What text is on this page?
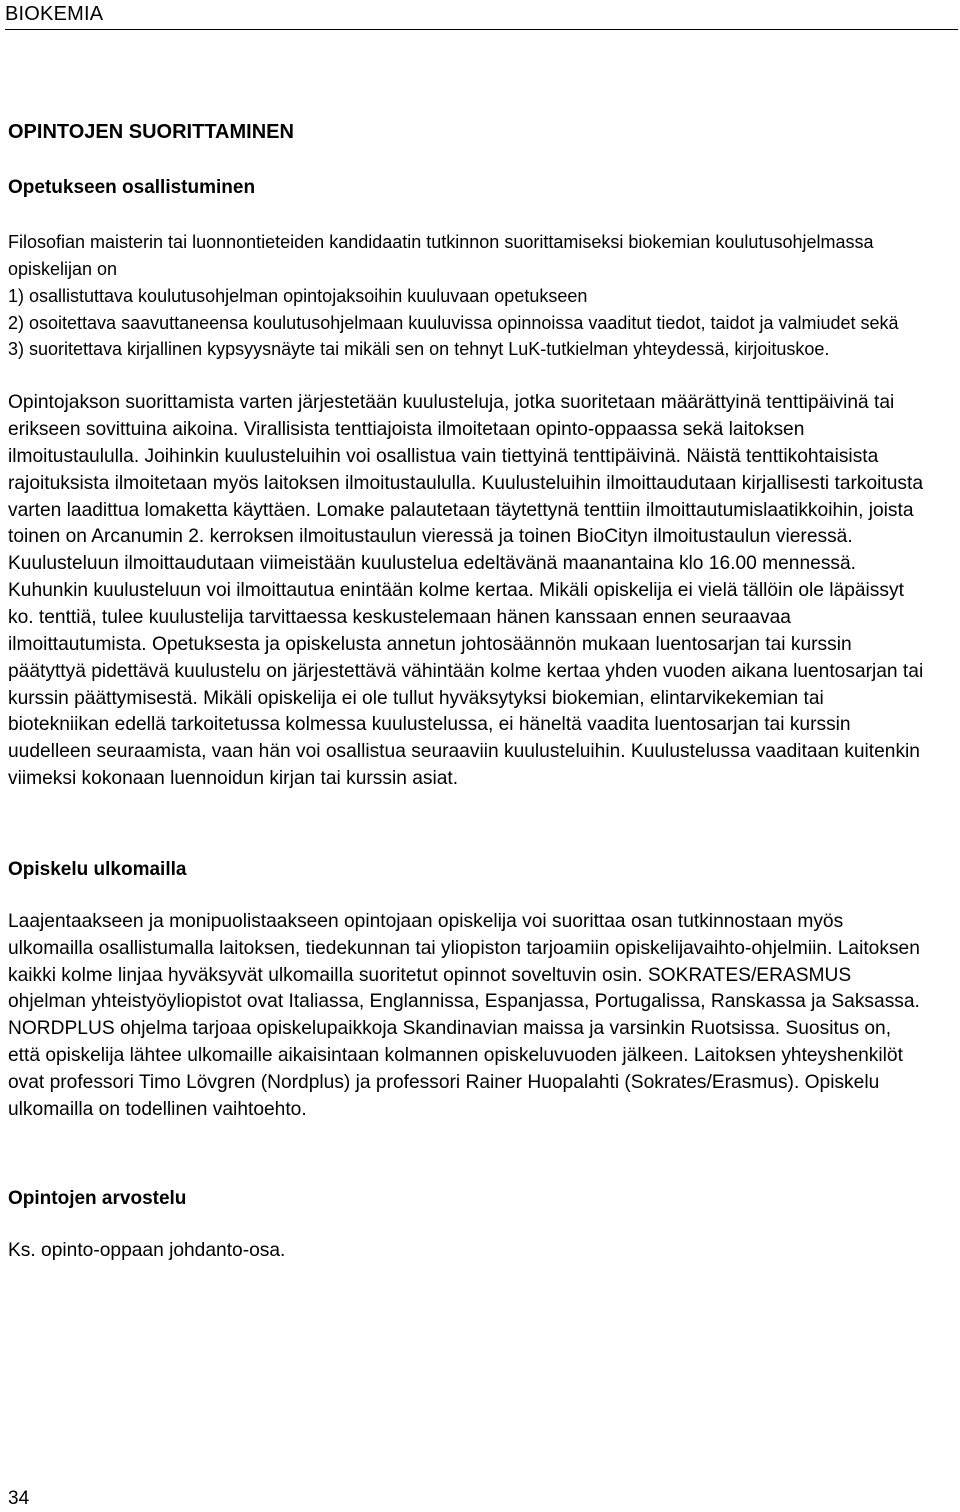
BIOKEMIA
OPINTOJEN SUORITTAMINEN
Opetukseen osallistuminen

Filosofian maisterin tai luonnontieteiden kandidaatin tutkinnon suorittamiseksi biokemian koulutusohjelmassa opiskelijan on

1) osallistuttava koulutusohjelman opintojaksoihin kuuluvaan opetukseen

2) osoitettava saavuttaneensa koulutusohjelmaan kuuluvissa opinnoissa vaaditut tiedot, taidot ja valmiudet sekä

3) suoritettava kirjallinen kypsyysnäyte tai mikäli sen on tehnyt LuK-tutkielman yhteydessä, kirjoituskoe.

Opintojakson suorittamista varten järjestetään kuulusteluja, jotka suoritetaan määrättyinä tenttipäivinä tai erikseen sovittuina aikoina. Virallisista tenttiajoista ilmoitetaan opinto-oppaassa sekä laitoksen ilmoitustaululla. Joihinkin kuulusteluihin voi osallistua vain tiettyinä tenttipäivinä. Näistä tenttikohtaisista rajoituksista ilmoitetaan myös laitoksen ilmoitustaululla. Kuulusteluihin ilmoittaudutaan kirjallisesti tarkoitusta varten laadittua lomaketta käyttäen. Lomake palautetaan täytettynä tenttiin ilmoittautumislaatikkoihin, joista toinen on Arcanumin 2. kerroksen ilmoitustaulun vieressä ja toinen BioCityn ilmoitustaulun vieressä. Kuulusteluun ilmoittaudutaan viimeistään kuulustelua edeltävänä maanantaina klo 16.00 mennessä. Kuhunkin kuulusteluun voi ilmoittautua enintään kolme kertaa. Mikäli opiskelija ei vielä tällöin ole läpäissyt ko. tenttiä, tulee kuulustelija tarvittaessa keskustelemaan hänen kanssaan ennen seuraavaa ilmoittautumista. Opetuksesta ja opiskelusta annetun johtosäännön mukaan luentosarjan tai kurssin päätyttyä pidettävä kuulustelu on järjestettävä vähintään kolme kertaa yhden vuoden aikana luentosarjan tai kurssin päättymisestä. Mikäli opiskelija ei ole tullut hyväksytyksi biokemian, elintarvikekemian tai biotekniikan edellä tarkoitetussa kolmessa kuulustelussa, ei häneltä vaadita luentosarjan tai kurssin uudelleen seuraamista, vaan hän voi osallistua seuraaviin kuulusteluihin. Kuulustelussa vaaditaan kuitenkin viimeksi kokonaan luennoidun kirjan tai kurssin asiat.

Opiskelu ulkomailla

Laajentaakseen ja monipuolistaakseen opintojaan opiskelija voi suorittaa osan tutkinnostaan myös ulkomailla osallistumalla laitoksen, tiedekunnan tai yliopiston tarjoamiin opiskelijavaihto-ohjelmiin. Laitoksen kaikki kolme linjaa hyväksyvät ulkomailla suoritetut opinnot soveltuvin osin. SOKRATES/ERASMUS ohjelman yhteistyöyliopistot ovat Italiassa, Englannissa, Espanjassa, Portugalissa, Ranskassa ja Saksassa. NORDPLUS ohjelma tarjoaa opiskelupaikkoja Skandinavian maissa ja varsinkin Ruotsissa. Suositus on, että opiskelija lähtee ulkomaille aikaisintaan kolmannen opiskeluvuoden jälkeen. Laitoksen yhteyshenkilöt ovat professori Timo Lövgren (Nordplus) ja professori Rainer Huopalahti (Sokrates/Erasmus). Opiskelu ulkomailla on todellinen vaihtoehto.

Opintojen arvostelu

Ks. opinto-oppaan johdanto-osa.

34
